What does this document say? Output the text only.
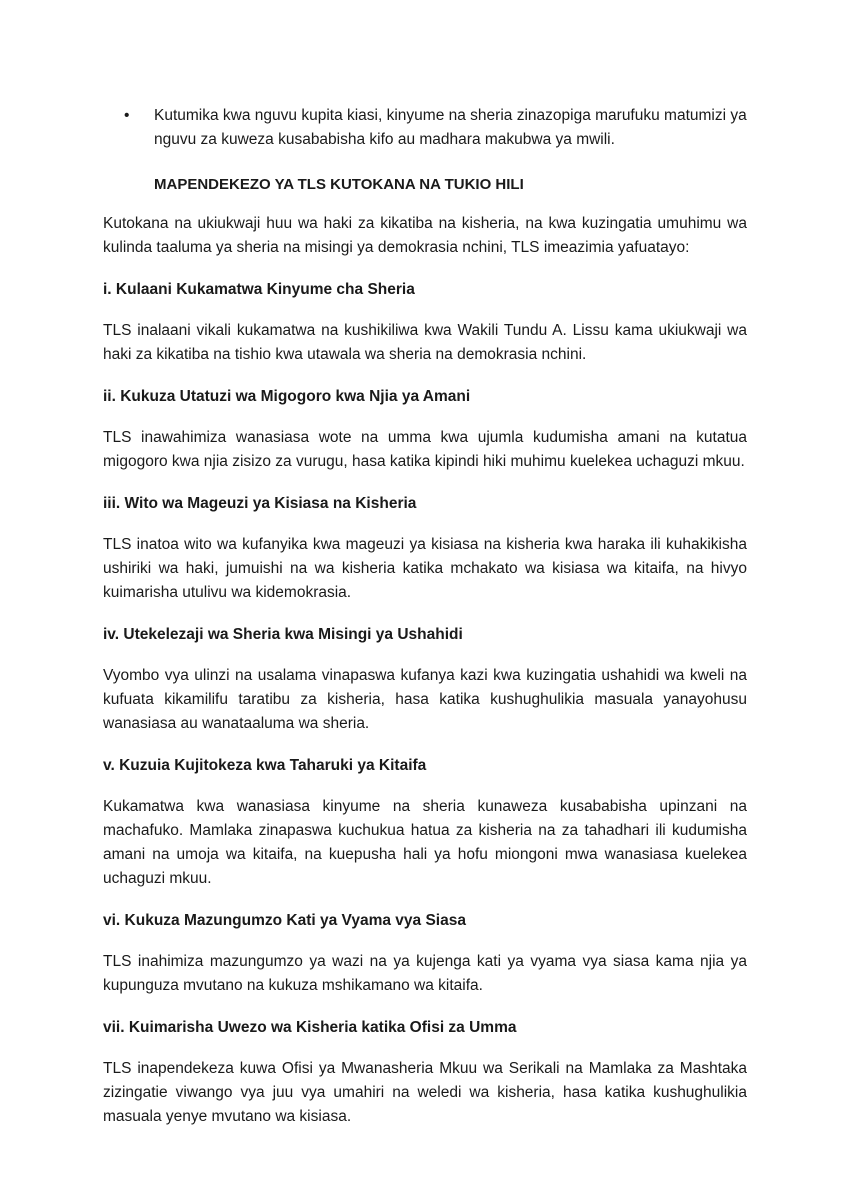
• Kutumika kwa nguvu kupita kiasi, kinyume na sheria zinazopiga marufuku matumizi ya nguvu za kuweza kusababisha kifo au madhara makubwa ya mwili.

MAPENDEKEZO YA TLS KUTOKANA NA TUKIO HILI

Kutokana na ukiukwaji huu wa haki za kikatiba na kisheria, na kwa kuzingatia umuhimu wa kulinda taaluma ya sheria na misingi ya demokrasia nchini, TLS imeazimia yafuatayo:

i. Kulaani Kukamatwa Kinyume cha Sheria

TLS inalaani vikali kukamatwa na kushikiliwa kwa Wakili Tundu A. Lissu kama ukiukwaji wa haki za kikatiba na tishio kwa utawala wa sheria na demokrasia nchini.

ii. Kukuza Utatuzi wa Migogoro kwa Njia ya Amani

TLS inawahimiza wanasiasa wote na umma kwa ujumla kudumisha amani na kutatua migogoro kwa njia zisizo za vurugu, hasa katika kipindi hiki muhimu kuelekea uchaguzi mkuu.

iii. Wito wa Mageuzi ya Kisiasa na Kisheria

TLS inatoa wito wa kufanyika kwa mageuzi ya kisiasa na kisheria kwa haraka ili kuhakikisha ushiriki wa haki, jumuishi na wa kisheria katika mchakato wa kisiasa wa kitaifa, na hivyo kuimarisha utulivu wa kidemokrasia.

iv. Utekelezaji wa Sheria kwa Misingi ya Ushahidi

Vyombo vya ulinzi na usalama vinapaswa kufanya kazi kwa kuzingatia ushahidi wa kweli na kufuata kikamilifu taratibu za kisheria, hasa katika kushughulikia masuala yanayohusu wanasiasa au wanataaluma wa sheria.

v. Kuzuia Kujitokeza kwa Taharuki ya Kitaifa

Kukamatwa kwa wanasiasa kinyume na sheria kunaweza kusababisha upinzani na machafuko. Mamlaka zinapaswa kuchukua hatua za kisheria na za tahadhari ili kudumisha amani na umoja wa kitaifa, na kuepusha hali ya hofu miongoni mwa wanasiasa kuelekea uchaguzi mkuu.

vi. Kukuza Mazungumzo Kati ya Vyama vya Siasa

TLS inahimiza mazungumzo ya wazi na ya kujenga kati ya vyama vya siasa kama njia ya kupunguza mvutano na kukuza mshikamano wa kitaifa.

vii. Kuimarisha Uwezo wa Kisheria katika Ofisi za Umma

TLS inapendekeza kuwa Ofisi ya Mwanasheria Mkuu wa Serikali na Mamlaka za Mashtaka zizingatie viwango vya juu vya umahiri na weledi wa kisheria, hasa katika kushughulikia masuala yenye mvutano wa kisiasa.
